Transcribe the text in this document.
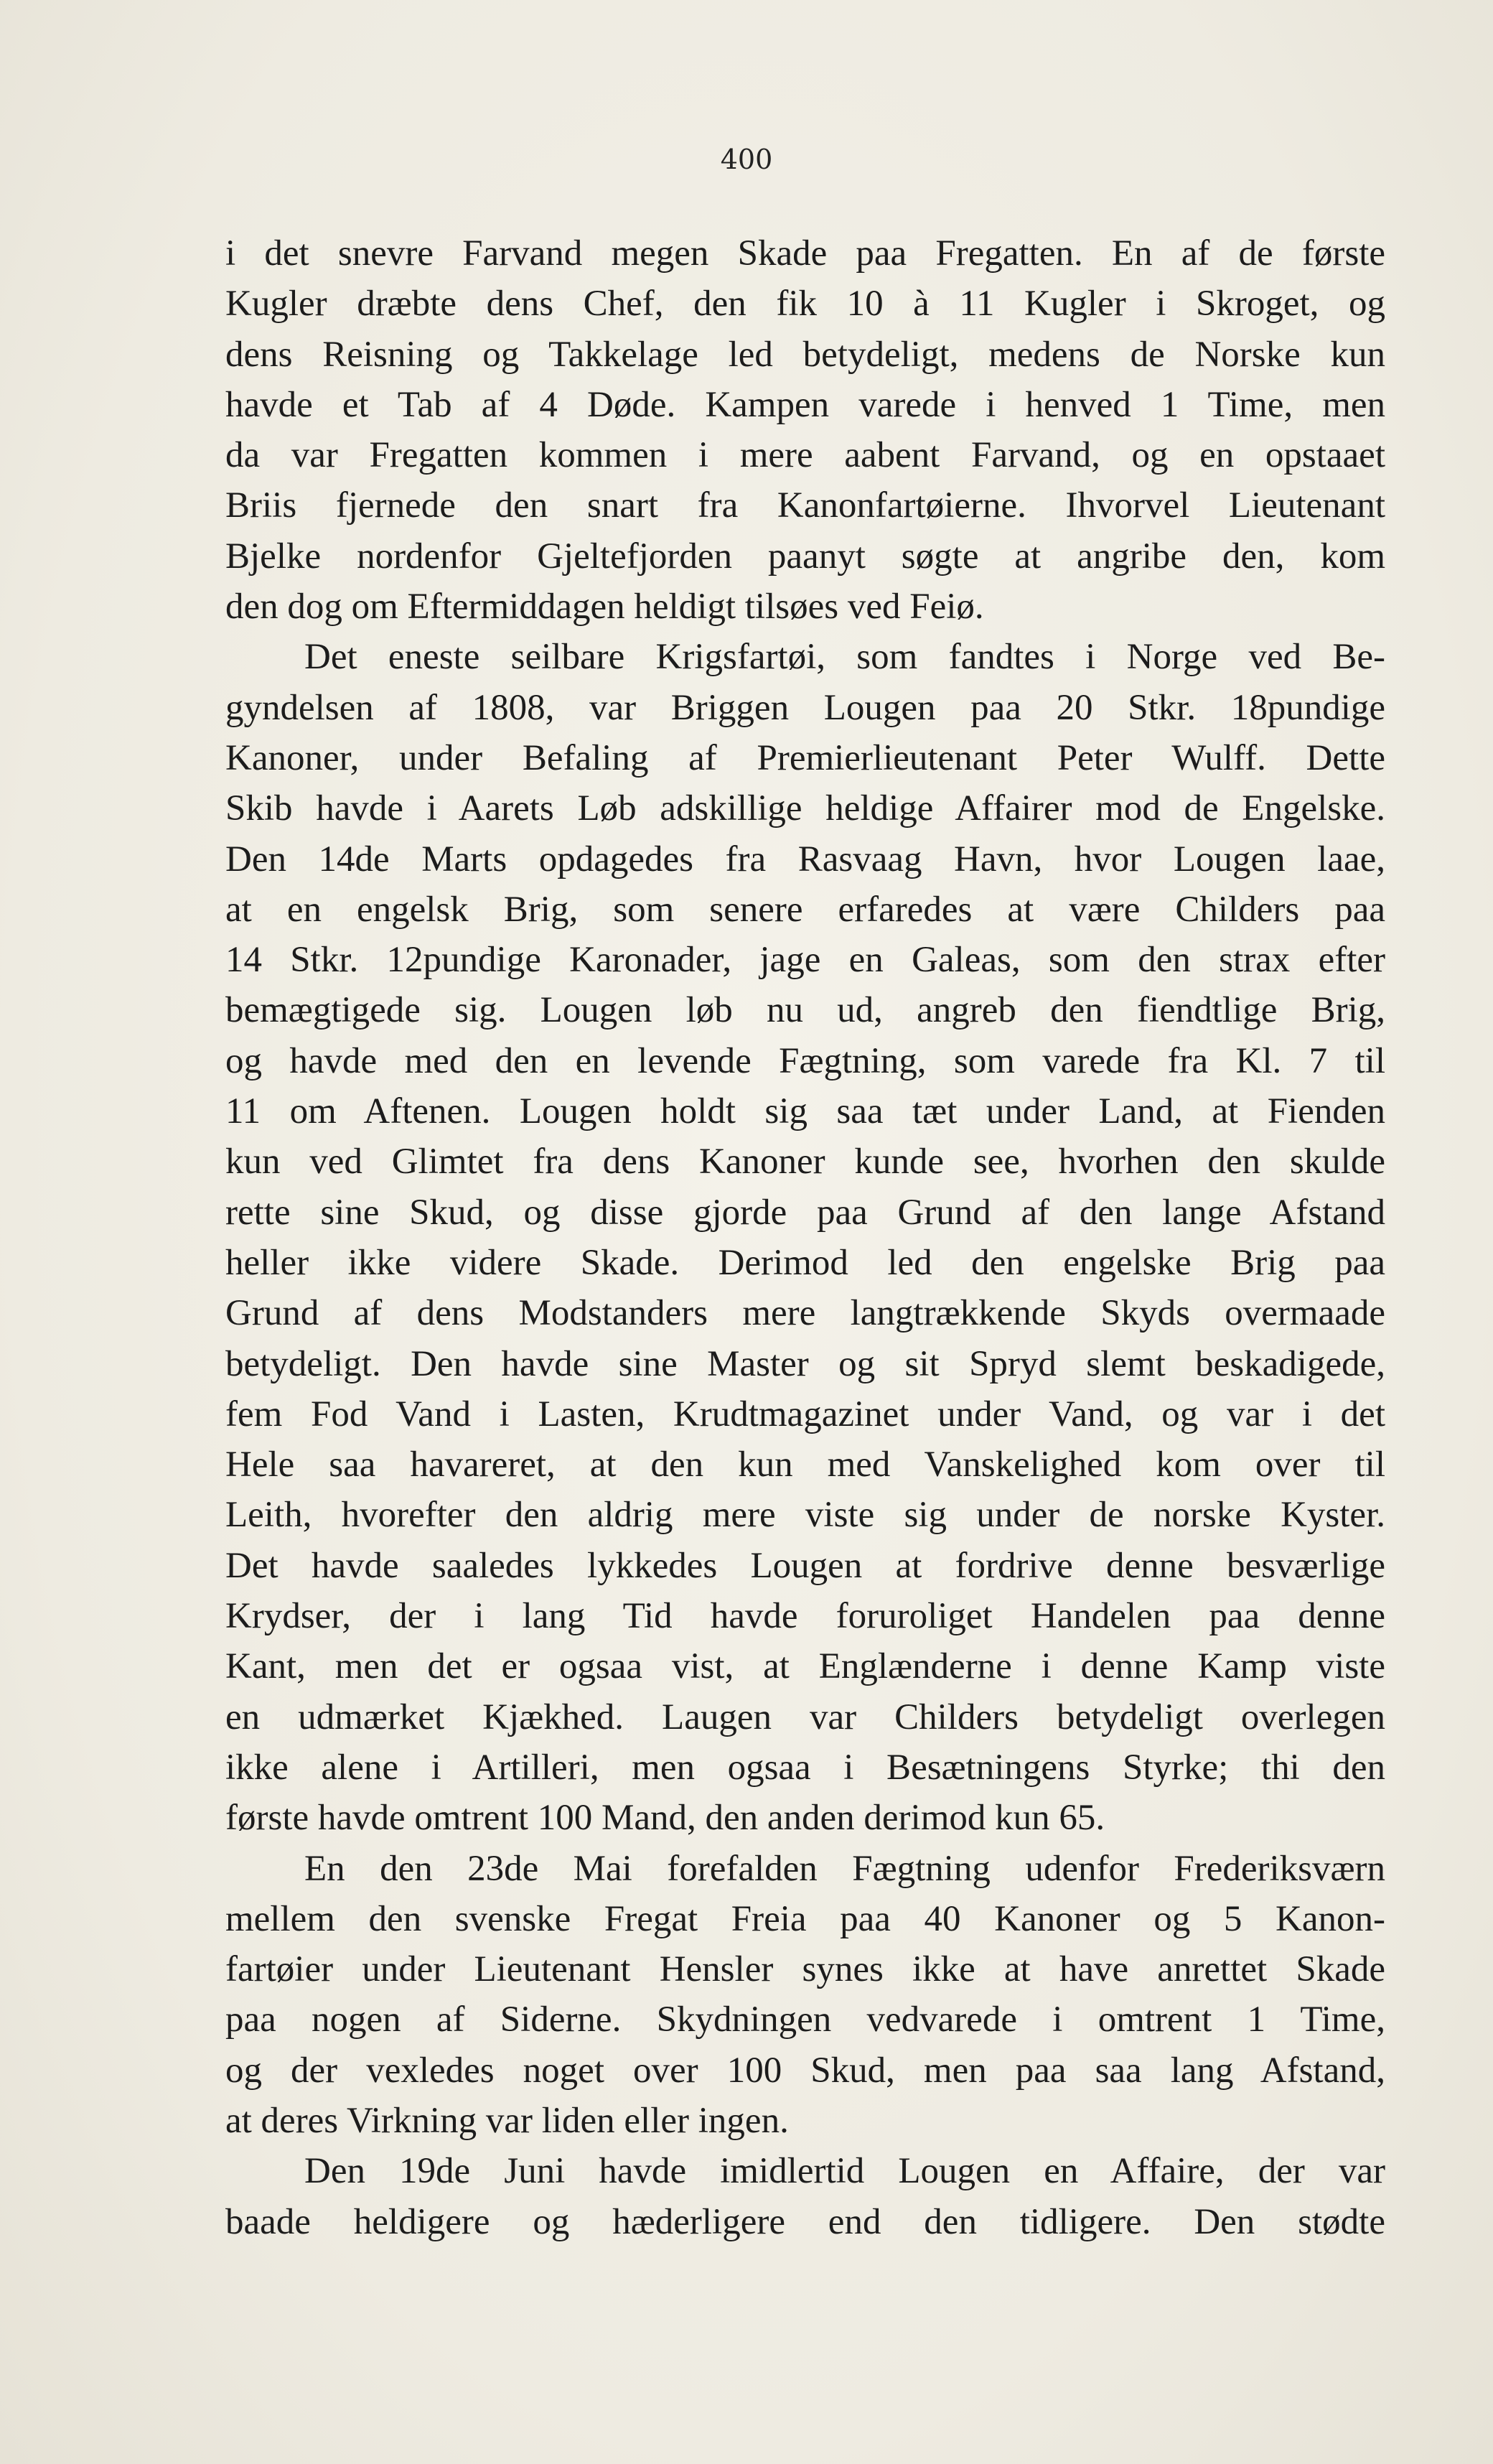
400
i det snevre Farvand megen Skade paa Fregatten. En af de første
Kugler dræbte dens Chef, den fik 10 à 11 Kugler i Skroget, og
dens Reisning og Takkelage led betydeligt, medens de Norske kun
havde et Tab af 4 Døde. Kampen varede i henved 1 Time, men
da var Fregatten kommen i mere aabent Farvand, og en opstaaet
Briis fjernede den snart fra Kanonfartøierne. Ihvorvel Lieutenant
Bjelke nordenfor Gjeltefjorden paanyt søgte at angribe den, kom
den dog om Eftermiddagen heldigt tilsøes ved Feiø.
Det eneste seilbare Krigsfartøi, som fandtes i Norge ved Be-
gyndelsen af 1808, var Briggen Lougen paa 20 Stkr. 18pundige
Kanoner, under Befaling af Premierlieutenant Peter Wulff. Dette
Skib havde i Aarets Løb adskillige heldige Affairer mod de Engelske.
Den 14de Marts opdagedes fra Rasvaag Havn, hvor Lougen laae,
at en engelsk Brig, som senere erfaredes at være Childers paa
14 Stkr. 12pundige Karonader, jage en Galeas, som den strax efter
bemægtigede sig. Lougen løb nu ud, angreb den fiendtlige Brig,
og havde med den en levende Fægtning, som varede fra Kl. 7 til
11 om Aftenen. Lougen holdt sig saa tæt under Land, at Fienden
kun ved Glimtet fra dens Kanoner kunde see, hvorhen den skulde
rette sine Skud, og disse gjorde paa Grund af den lange Afstand
heller ikke videre Skade. Derimod led den engelske Brig paa
Grund af dens Modstanders mere langtrækkende Skyds overmaade
betydeligt. Den havde sine Master og sit Spryd slemt beskadigede,
fem Fod Vand i Lasten, Krudtmagazinet under Vand, og var i det
Hele saa havareret, at den kun med Vanskelighed kom over til
Leith, hvorefter den aldrig mere viste sig under de norske Kyster.
Det havde saaledes lykkedes Lougen at fordrive denne besværlige
Krydser, der i lang Tid havde foruroliget Handelen paa denne
Kant, men det er ogsaa vist, at Englænderne i denne Kamp viste
en udmærket Kjækhed. Laugen var Childers betydeligt overlegen
ikke alene i Artilleri, men ogsaa i Besætningens Styrke; thi den
første havde omtrent 100 Mand, den anden derimod kun 65.
En den 23de Mai forefalden Fægtning udenfor Frederiksværn
mellem den svenske Fregat Freia paa 40 Kanoner og 5 Kanon-
fartøier under Lieutenant Hensler synes ikke at have anrettet Skade
paa nogen af Siderne. Skydningen vedvarede i omtrent 1 Time,
og der vexledes noget over 100 Skud, men paa saa lang Afstand,
at deres Virkning var liden eller ingen.
Den 19de Juni havde imidlertid Lougen en Affaire, der var
baade heldigere og hæderligere end den tidligere. Den stødte
